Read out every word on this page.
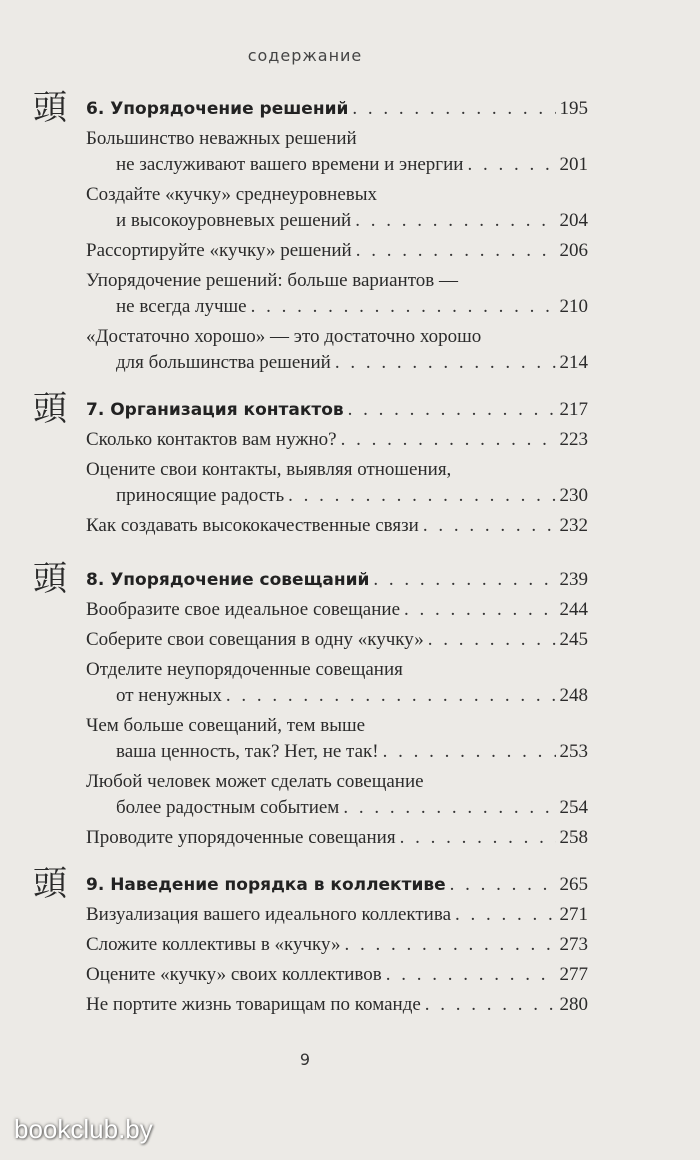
содержание
頭 6. Упорядочение решений . . .	195
Большинство неважных решений
не заслуживают вашего времени и энергии . . .	201
Создайте «кучку» среднеуровневых
и высокоуровневых решений . . .	204
Рассортируйте «кучку» решений . . .	206
Упорядочение решений: больше вариантов —
не всегда лучше . . .	210
«Достаточно хорошо» — это достаточно хорошо
для большинства решений . . .	214
頭 7. Организация контактов . . .	217
Сколько контактов вам нужно? . . .	223
Оцените свои контакты, выявляя отношения,
приносящие радость . . .	230
Как создавать высококачественные связи . . .	232
頭 8. Упорядочение совещаний . . .	239
Вообразите свое идеальное совещание . . .	244
Соберите свои совещания в одну «кучку» . . .	245
Отделите неупорядоченные совещания
от ненужных . . .	248
Чем больше совещаний, тем выше
ваша ценность, так? Нет, не так! . . .	253
Любой человек может сделать совещание
более радостным событием . . .	254
Проводите упорядоченные совещания . . .	258
頭 9. Наведение порядка в коллективе . . .	265
Визуализация вашего идеального коллектива . . .	271
Сложите коллективы в «кучку» . . .	273
Оцените «кучку» своих коллективов . . .	277
Не портите жизнь товарищам по команде . . .	280
9
bookclub.by
